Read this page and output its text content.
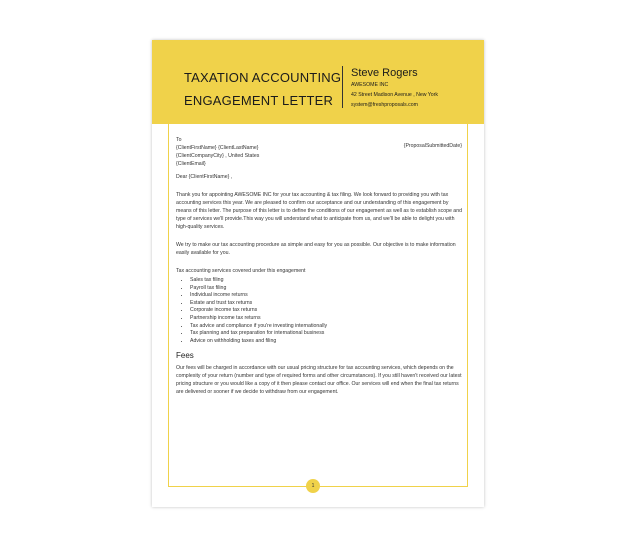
TAXATION ACCOUNTING
ENGAGEMENT LETTER
Steve Rogers
AWESOME INC
42 Street Madison Avenue , New York
system@freshproposals.com
{ProposalSubmittedDate}

To

{ClientFirstName} {ClientLastName}

{ClientCompanyCity} , United States

{ClientEmail}

Dear {ClientFirstName} ,

Thank you for appointing AWESOME INC for your tax accounting & tax filing. We look forward to providing you with tax accounting services this year. We are pleased to confirm our acceptance and our understanding of this engagement by means of this letter. The purpose of this letter is to define the conditions of our engagement as well as to establish scope and type of services we'll provide.This way you will understand what to anticipate from us, and we'll be able to delight you with high-quality services.

We try to make our tax accounting procedure as simple and easy for you as possible. Our objective is to make information easily available for you.

Tax accounting services covered under this engagement

• Sales tax filing
• Payroll tax filing
• Individual income returns
• Estate and trust tax returns
• Corporate income tax returns
• Partnership income tax returns
• Tax advice and compliance if you're investing internationally
• Tax planning and tax preparation for international business
• Advice on withholding taxes and filing
Fees

Our fees will be charged in accordance with our usual pricing structure for tax accounting services, which depends on the complexity of your return (number and type of required forms and other circumstances). If you still haven't received our latest pricing structure or you would like a copy of it then please contact our office. Our services will end when the final tax returns are delivered or sooner if we decide to withdraw from our engagement.

1
